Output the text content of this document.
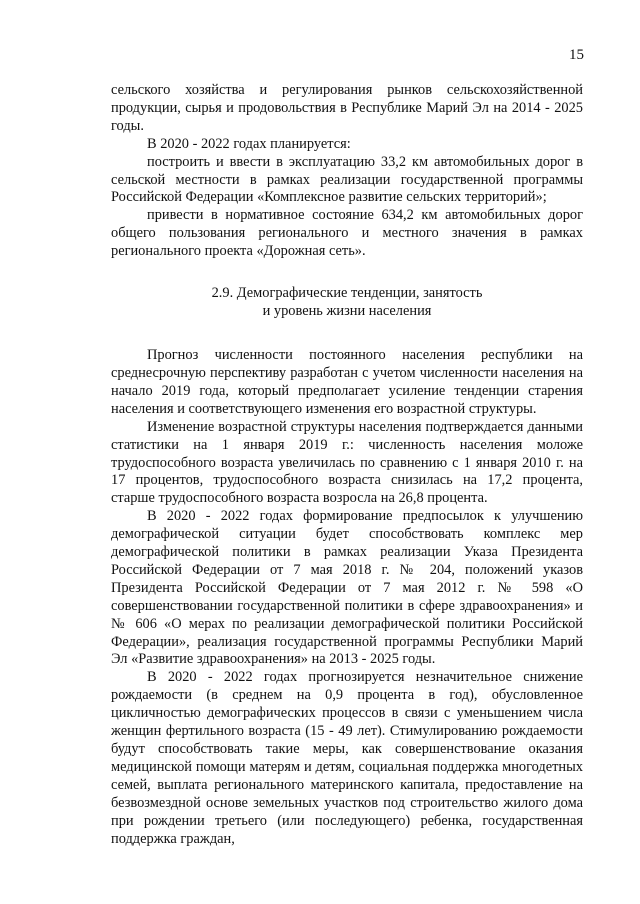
15

сельского хозяйства и регулирования рынков сельскохозяйственной продукции, сырья и продовольствия в Республике Марий Эл на 2014 - 2025 годы.

В 2020 - 2022 годах планируется:

построить и ввести в эксплуатацию 33,2 км автомобильных дорог в сельской местности в рамках реализации государственной программы Российской Федерации «Комплексное развитие сельских территорий»;

привести в нормативное состояние 634,2 км автомобильных дорог общего пользования регионального и местного значения в рамках регионального проекта «Дорожная сеть».

2.9. Демографические тенденции, занятость
и уровень жизни населения

Прогноз численности постоянного населения республики на среднесрочную перспективу разработан с учетом численности населения на начало 2019 года, который предполагает усиление тенденции старения населения и соответствующего изменения его возрастной структуры.

Изменение возрастной структуры населения подтверждается данными статистики на 1 января 2019 г.: численность населения моложе трудоспособного возраста увеличилась по сравнению с 1 января 2010 г. на 17 процентов, трудоспособного возраста снизилась на 17,2 процента, старше трудоспособного возраста возросла на 26,8 процента.

В 2020 - 2022 годах формирование предпосылок к улучшению демографической ситуации будет способствовать комплекс мер демографической политики в рамках реализации Указа Президента Российской Федерации от 7 мая 2018 г. № 204, положений указов Президента Российской Федерации от 7 мая 2012 г. № 598 «О совершенствовании государственной политики в сфере здравоохранения» и № 606 «О мерах по реализации демографической политики Российской Федерации», реализация государственной программы Республики Марий Эл «Развитие здравоохранения» на 2013 - 2025 годы.

В 2020 - 2022 годах прогнозируется незначительное снижение рождаемости (в среднем на 0,9 процента в год), обусловленное цикличностью демографических процессов в связи с уменьшением числа женщин фертильного возраста (15 - 49 лет). Стимулированию рождаемости будут способствовать такие меры, как совершенствование оказания медицинской помощи матерям и детям, социальная поддержка многодетных семей, выплата регионального материнского капитала, предоставление на безвозмездной основе земельных участков под строительство жилого дома при рождении третьего (или последующего) ребенка, государственная поддержка граждан,
